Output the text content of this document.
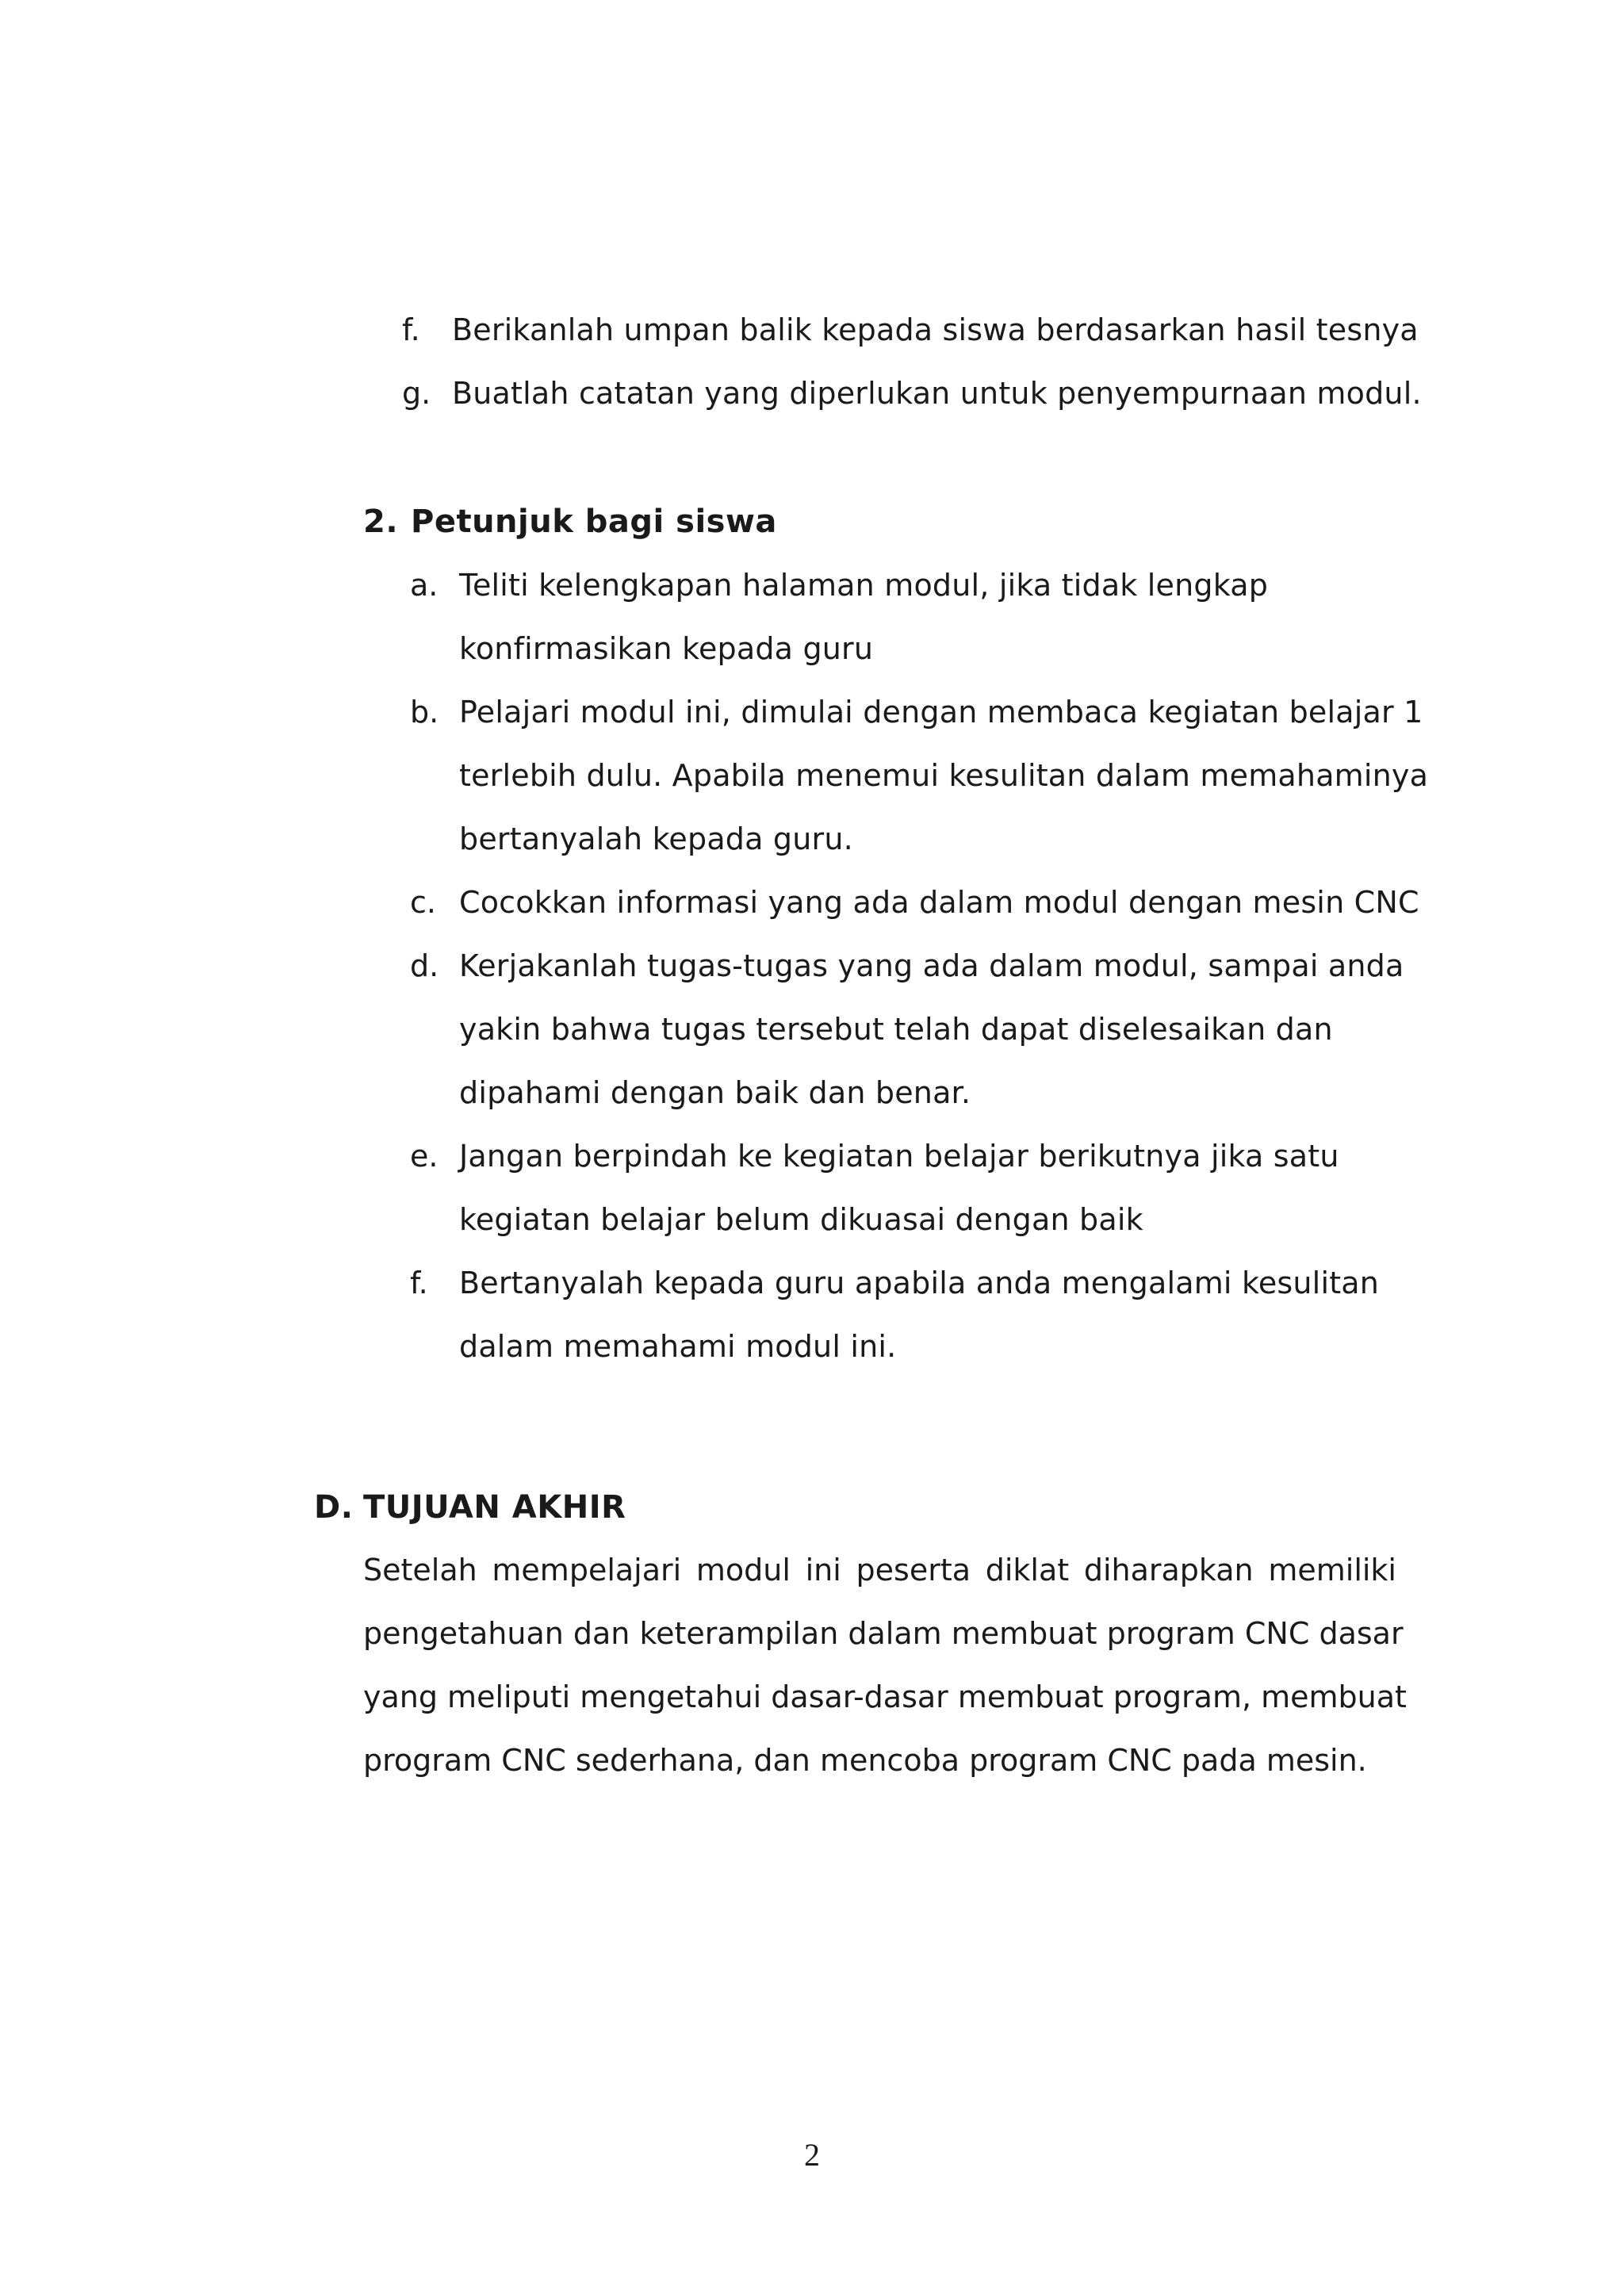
f. Berikanlah umpan balik kepada siswa berdasarkan hasil tesnya
g. Buatlah catatan yang diperlukan untuk penyempurnaan modul.
2. Petunjuk bagi siswa
a. Teliti kelengkapan halaman modul, jika tidak lengkap
konfirmasikan kepada guru
b. Pelajari modul ini, dimulai dengan membaca kegiatan belajar 1
terlebih dulu. Apabila menemui kesulitan dalam memahaminya
bertanyalah kepada guru.
c. Cocokkan informasi yang ada dalam modul dengan mesin CNC
d. Kerjakanlah tugas-tugas yang ada dalam modul, sampai anda
yakin bahwa tugas tersebut telah dapat diselesaikan dan
dipahami dengan baik dan benar.
e. Jangan berpindah ke kegiatan belajar berikutnya jika satu
kegiatan belajar belum dikuasai dengan baik
f. Bertanyalah kepada guru apabila anda mengalami kesulitan
dalam memahami modul ini.
D. TUJUAN AKHIR
Setelah mempelajari modul ini peserta diklat diharapkan memiliki
pengetahuan dan keterampilan dalam membuat program CNC dasar
yang meliputi mengetahui dasar-dasar membuat program, membuat
program CNC sederhana, dan mencoba program CNC pada mesin.
2
